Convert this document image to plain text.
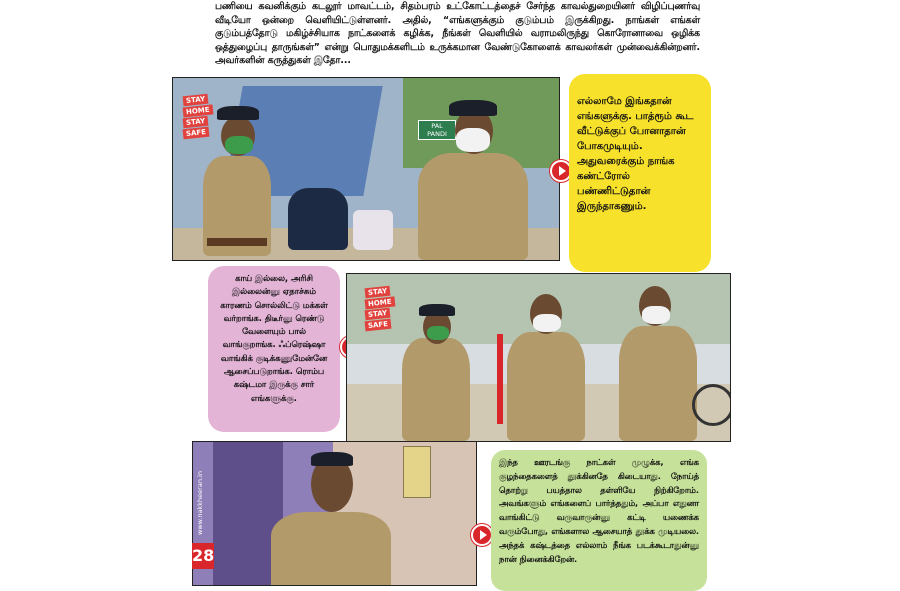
பணியை கவனிக்கும் கடலூர் மாவட்டம், சிதம்பரம் உட்கோட்டத்தைச் சேர்ந்த காவல்துறையினர் விழிப்புணர்வு வீடியோ ஒன்றை வெளியிட்டுள்ளனர். அதில், “எங்களுக்கும் குடும்பம் இருக்கிறது. நாங்கள் எங்கள் குடும்பத்தோடு மகிழ்ச்சியாக நாட்களைக் கழிக்க, நீங்கள் வெளியில் வராமலிருந்து கொரோனாவை ஒழிக்க ஒத்துழைப்பு தாருங்கள்” என்று பொதுமக்களிடம் உருக்கமான வேண்டுகோளைக் காவலர்கள் முன்வைக்கின்றனர். அவர்களின் கருத்துகள் இதோ...
PAL PANDI
STAY
HOME
STAY
SAFE
எல்லாமே இங்கதான் எங்களுக்கு. பாத்ரூம் கூட வீட்டுக்குப் போனாதான் போகமுடியும். அதுவரைக்கும் நாங்க கண்ட்ரோல் பண்ணிட்டுதான் இருந்தாகணும்.
காய் இல்லை, அரிசி இல்லைன்னு ஏதாச்சும் காரணம் சொல்லிட்டு மக்கள் வர்றாங்க. திடீர்னு ரெண்டு வேளையும் பால் வாங்குறாங்க. ஃப்ரெஷ்ஷா வாங்கிக் குடிக்கணுமேன்னே ஆசைப்படுறாங்க. ரொம்ப கஷ்டமா இருக்கு சார் எங்களுக்கு.
STAY
HOME
STAY
SAFE
www.nakkheeran.in
28
இந்த ஊரடங்கு நாட்கள் முழுக்க, எங்க குழந்தைகளைத் தூக்கினதே கிடையாது. நோய்த் தொற்று பயத்தால தள்ளியே நிற்கிறோம். அவங்களும் எங்களைப் பார்த்ததும், அப்பா எதுனா வாங்கிட்டு வருவாருன்னு கட்டி யணைக்க வரும்போது, எங்களால ஆசையாத் தூக்க முடியலை. அந்தக் கஷ்டத்தை எல்லாம் நீங்க படக்கூடாதுன்னு நான் நினைக்கிறேன்.
